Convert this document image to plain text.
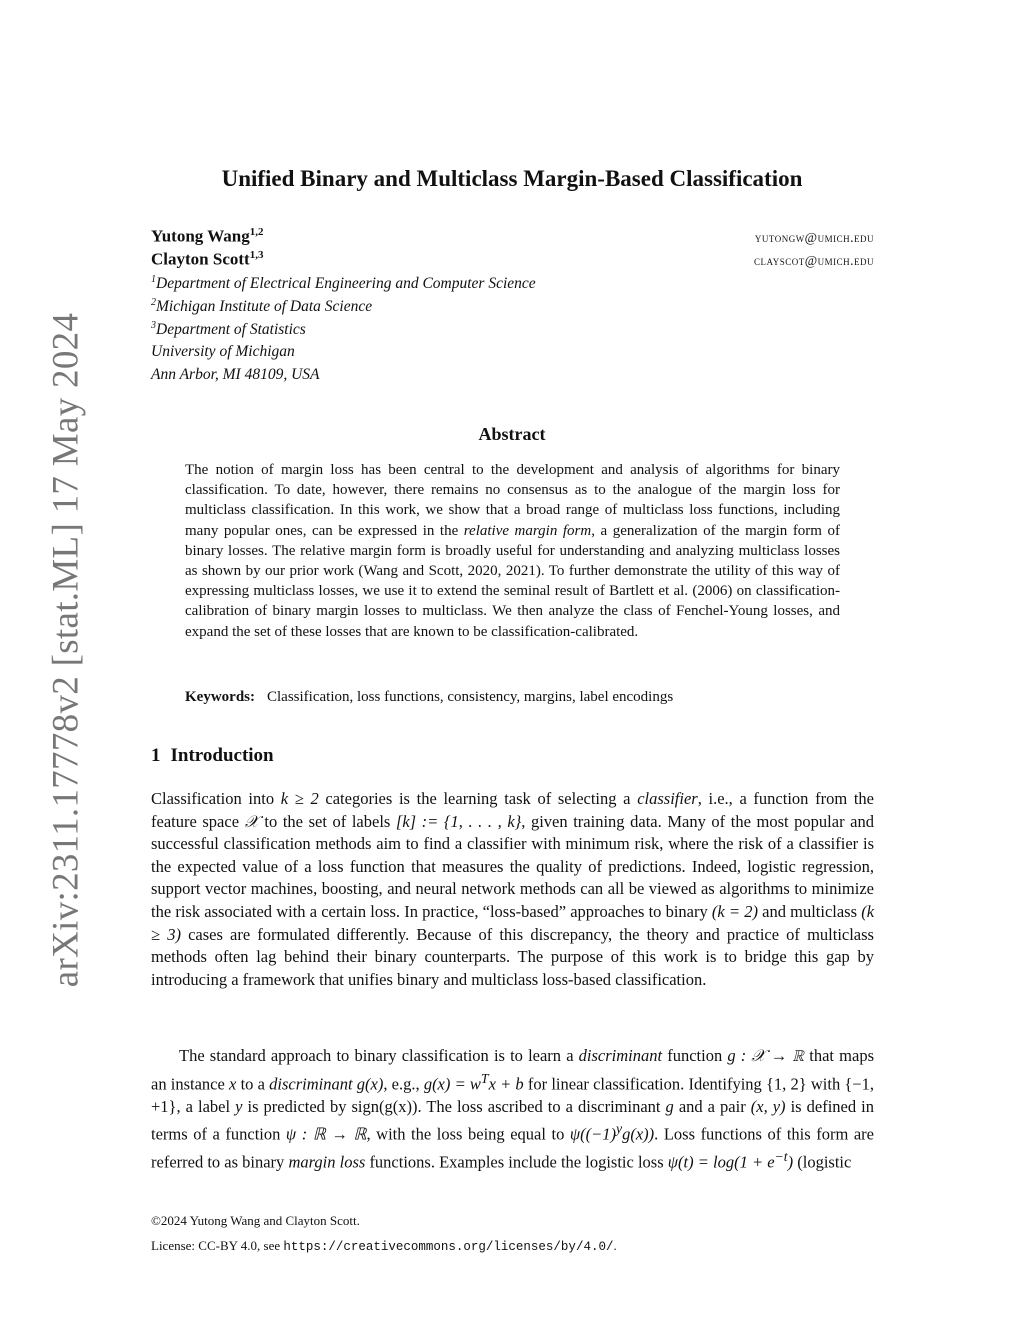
arXiv:2311.17778v2 [stat.ML] 17 May 2024
Unified Binary and Multiclass Margin-Based Classification
Yutong Wang$^{1,2}$	yutongw@umich.edu
Clayton Scott$^{1,3}$	clayscot@umich.edu
$^1$Department of Electrical Engineering and Computer Science
$^2$Michigan Institute of Data Science
$^3$Department of Statistics
University of Michigan
Ann Arbor, MI 48109, USA
Abstract
The notion of margin loss has been central to the development and analysis of algorithms for binary classification. To date, however, there remains no consensus as to the analogue of the margin loss for multiclass classification. In this work, we show that a broad range of multiclass loss functions, including many popular ones, can be expressed in the relative margin form, a generalization of the margin form of binary losses. The relative margin form is broadly useful for understanding and analyzing multiclass losses as shown by our prior work (Wang and Scott, 2020, 2021). To further demonstrate the utility of this way of expressing multiclass losses, we use it to extend the seminal result of Bartlett et al. (2006) on classification-calibration of binary margin losses to multiclass. We then analyze the class of Fenchel-Young losses, and expand the set of these losses that are known to be classification-calibrated.
Keywords: Classification, loss functions, consistency, margins, label encodings
1 Introduction
Classification into k ≥ 2 categories is the learning task of selecting a classifier, i.e., a function from the feature space 𝒳 to the set of labels [k] := {1, . . . , k}, given training data. Many of the most popular and successful classification methods aim to find a classifier with minimum risk, where the risk of a classifier is the expected value of a loss function that measures the quality of predictions. Indeed, logistic regression, support vector machines, boosting, and neural network methods can all be viewed as algorithms to minimize the risk associated with a certain loss. In practice, “loss-based” approaches to binary (k = 2) and multiclass (k ≥ 3) cases are formulated differently. Because of this discrepancy, the theory and practice of multiclass methods often lag behind their binary counterparts. The purpose of this work is to bridge this gap by introducing a framework that unifies binary and multiclass loss-based classification.
The standard approach to binary classification is to learn a discriminant function g : 𝒳 → ℝ that maps an instance x to a discriminant g(x), e.g., $g(x) = w^Tx + b$ for linear classification. Identifying {1, 2} with {−1, +1}, a label y is predicted by sign(g(x)). The loss ascribed to a discriminant g and a pair (x, y) is defined in terms of a function ψ : ℝ → ℝ, with the loss being equal to $\psi((-1)^yg(x))$. Loss functions of this form are referred to as binary margin loss functions. Examples include the logistic loss $\psi(t) = \log(1 + e^{-t})$ (logistic
©2024 Yutong Wang and Clayton Scott.
License: CC-BY 4.0, see https://creativecommons.org/licenses/by/4.0/.
